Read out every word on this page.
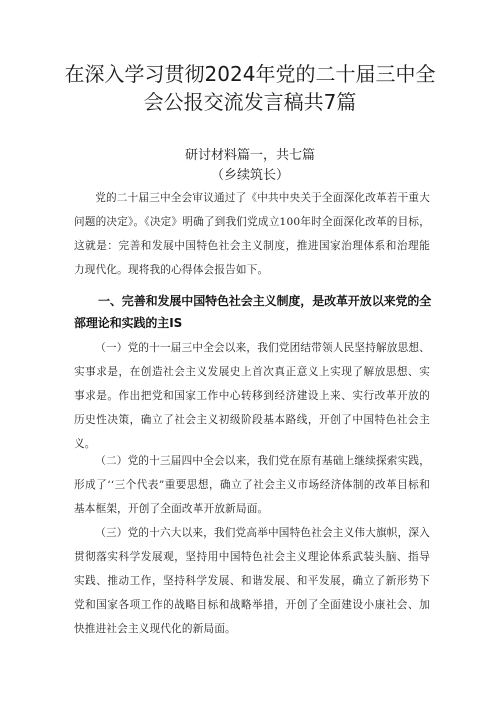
在深入学习贯彻2024年党的二十届三中全会公报交流发言稿共7篇

研讨材料篇一，共七篇

（乡续筑长）

党的二十届三中全会审议通过了《中共中央关于全面深化改革若干重大问题的决定》。《决定》明确了到我们党成立100年时全面深化改革的目标，这就是：完善和发展中国特色社会主义制度，推进国家治理体系和治理能力现代化。现将我的心得体会报告如下。

一、完善和发展中国特色社会主义制度，是改革开放以来党的全部理论和实践的主IS

（一）党的十一届三中全会以来，我们党团结带领人民坚持解放思想、实事求是，在创造社会主义发展史上首次真正意义上实现了解放思想、实事求是。作出把党和国家工作中心转移到经济建设上来、实行改革开放的历史性决策，确立了社会主义初级阶段基本路线，开创了中国特色社会主义。

（二）党的十三届四中全会以来，我们党在原有基础上继续探索实践，形成了‘‘三个代表”重要思想，确立了社会主义市场经济体制的改革目标和基本框架，开创了全面改革开放新局面。

（三）党的十六大以来，我们党高举中国特色社会主义伟大旗帜，深入贯彻落实科学发展观，坚持用中国特色社会主义理论体系武装头脑、指导实践、推动工作，坚持科学发展、和谐发展、和平发展，确立了新形势下党和国家各项工作的战略目标和战略举措，开创了全面建设小康社会、加快推进社会主义现代化的新局面。
